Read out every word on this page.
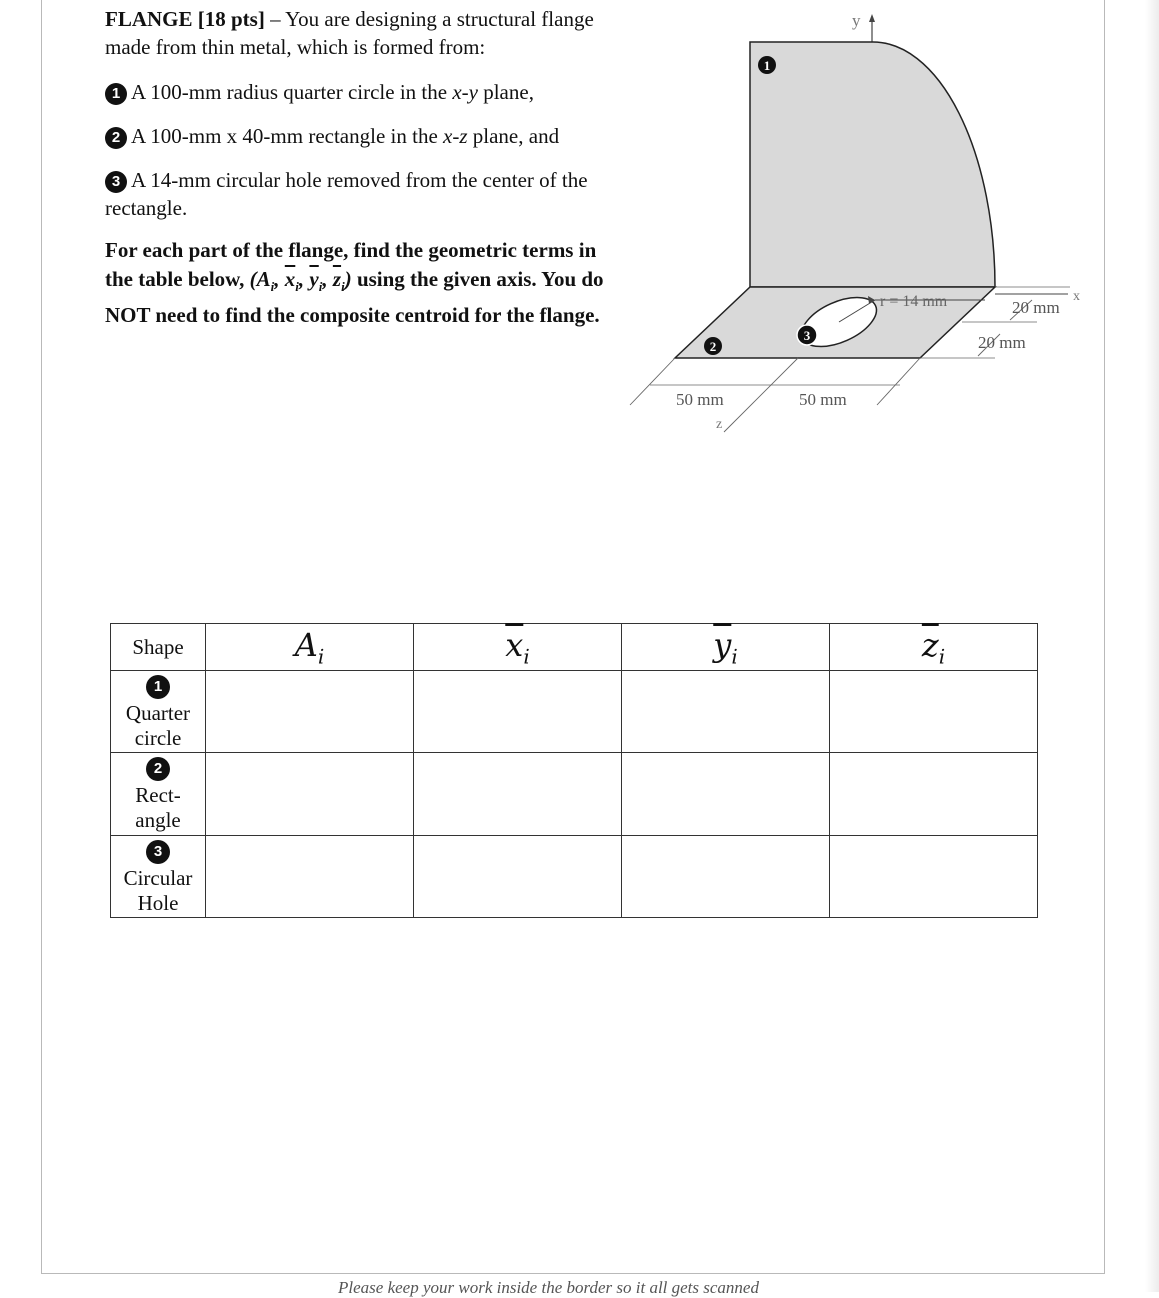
FLANGE [18 pts] – You are designing a structural flange made from thin metal, which is formed from:

1 A 100-mm radius quarter circle in the x-y plane,
2 A 100-mm x 40-mm rectangle in the x-z plane, and
3 A 14-mm circular hole removed from the center of the rectangle.
For each part of the flange, find the geometric terms in the table below, ($A_i$, $\overline{x}_i$, $\overline{y}_i$, $\overline{z}_i$) using the given axis. You do NOT need to find the composite centroid for the flange.
y
r = 14 mm	x
20 mm
20 mm
50 mm	50 mm
z
1
2
3
Shape	$A_i$	$\overline{x}_i$	$\overline{y}_i$	$\overline{z}_i$
1
Quarter
circle				
2
Rect-
angle				
3
Circular
Hole				
Please keep your work inside the border so it all gets scanned
